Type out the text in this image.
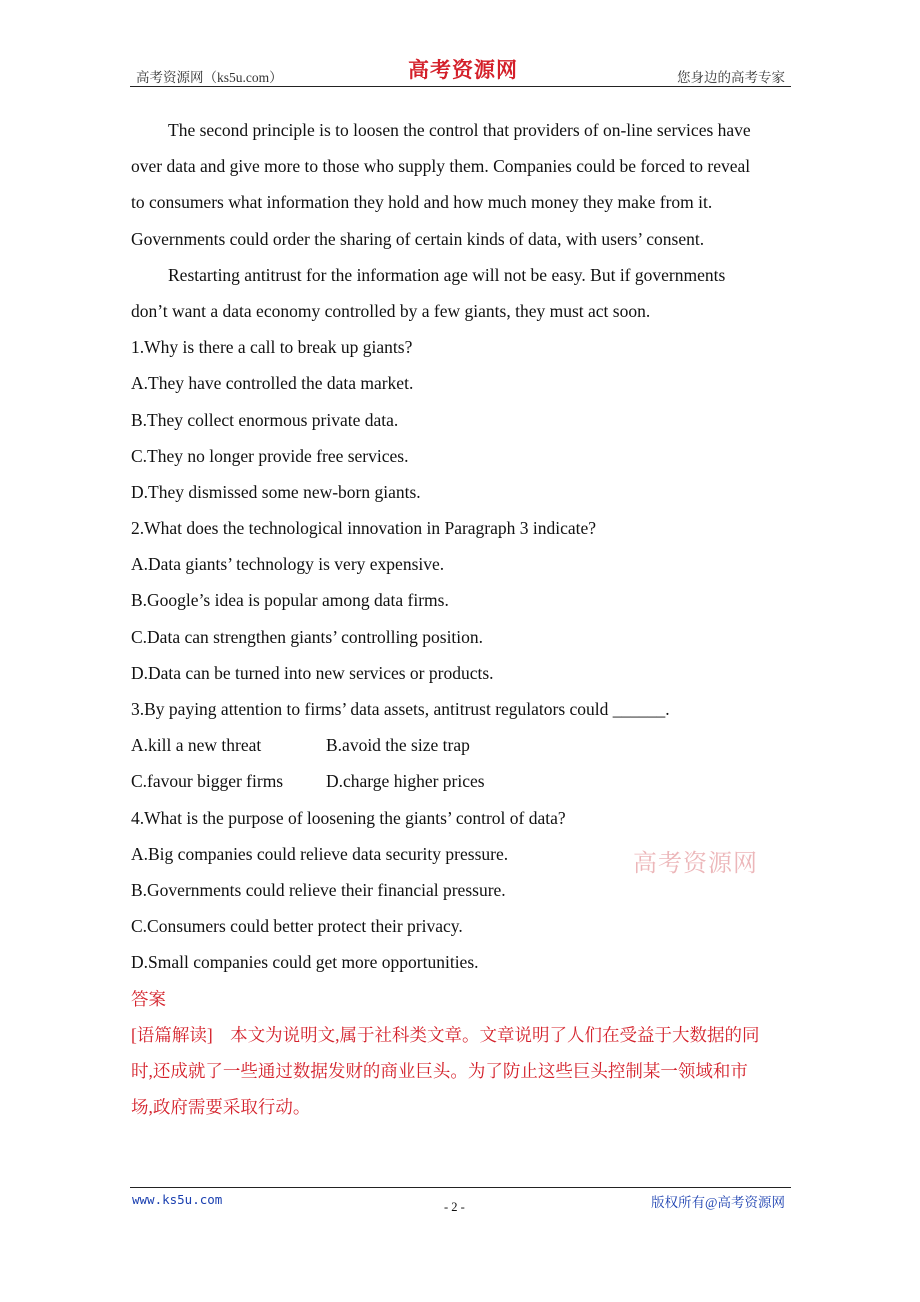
高考资源网（ks5u.com）	高考资源网	您身边的高考专家
The second principle is to loosen the control that providers of on-line services have
over data and give more to those who supply them. Companies could be forced to reveal
to consumers what information they hold and how much money they make from it.
Governments could order the sharing of certain kinds of data, with users’ consent.
Restarting antitrust for the information age will not be easy. But if governments
don’t want a data economy controlled by a few giants, they must act soon.
1.Why is there a call to break up giants?
A.They have controlled the data market.
B.They collect enormous private data.
C.They no longer provide free services.
D.They dismissed some new-born giants.
2.What does the technological innovation in Paragraph 3 indicate?
A.Data giants’ technology is very expensive.
B.Google’s idea is popular among data firms.
C.Data can strengthen giants’ controlling position.
D.Data can be turned into new services or products.
3.By paying attention to firms’ data assets, antitrust regulators could ______.
A.kill a new threat	B.avoid the size trap
C.favour bigger firms	D.charge higher prices
4.What is the purpose of loosening the giants’ control of data?
A.Big companies could relieve data security pressure.
B.Governments could relieve their financial pressure.
C.Consumers could better protect their privacy.
D.Small companies could get more opportunities.
答案
[语篇解读]　本文为说明文,属于社科类文章。文章说明了人们在受益于大数据的同
时,还成就了一些通过数据发财的商业巨头。为了防止这些巨头控制某一领域和市
场,政府需要采取行动。
高考资源网
www.ks5u.com	- 2 -	版权所有@高考资源网
